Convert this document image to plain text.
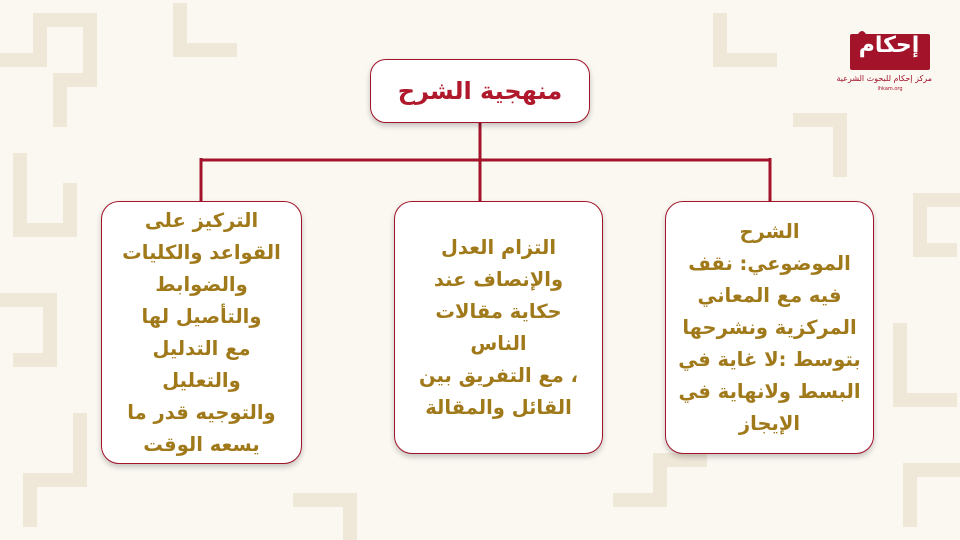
منهجية الشرح
التركيز على
القواعد والكليات
والضوابط
والتأصيل لها
مع التدليل والتعليل
والتوجيه قدر ما
يسعه الوقت
التزام العدل
والإنصاف عند
حكاية مقالات الناس
، مع التفريق بين
القائل والمقالة
الشرح
الموضوعي: نقف
فيه مع المعاني
المركزية ونشرحها
بتوسط :لا غاية في
البسط ولانهاية في
الإيجاز
إحكام
مركز إحكام للبحوث الشرعية
ihkam.org
